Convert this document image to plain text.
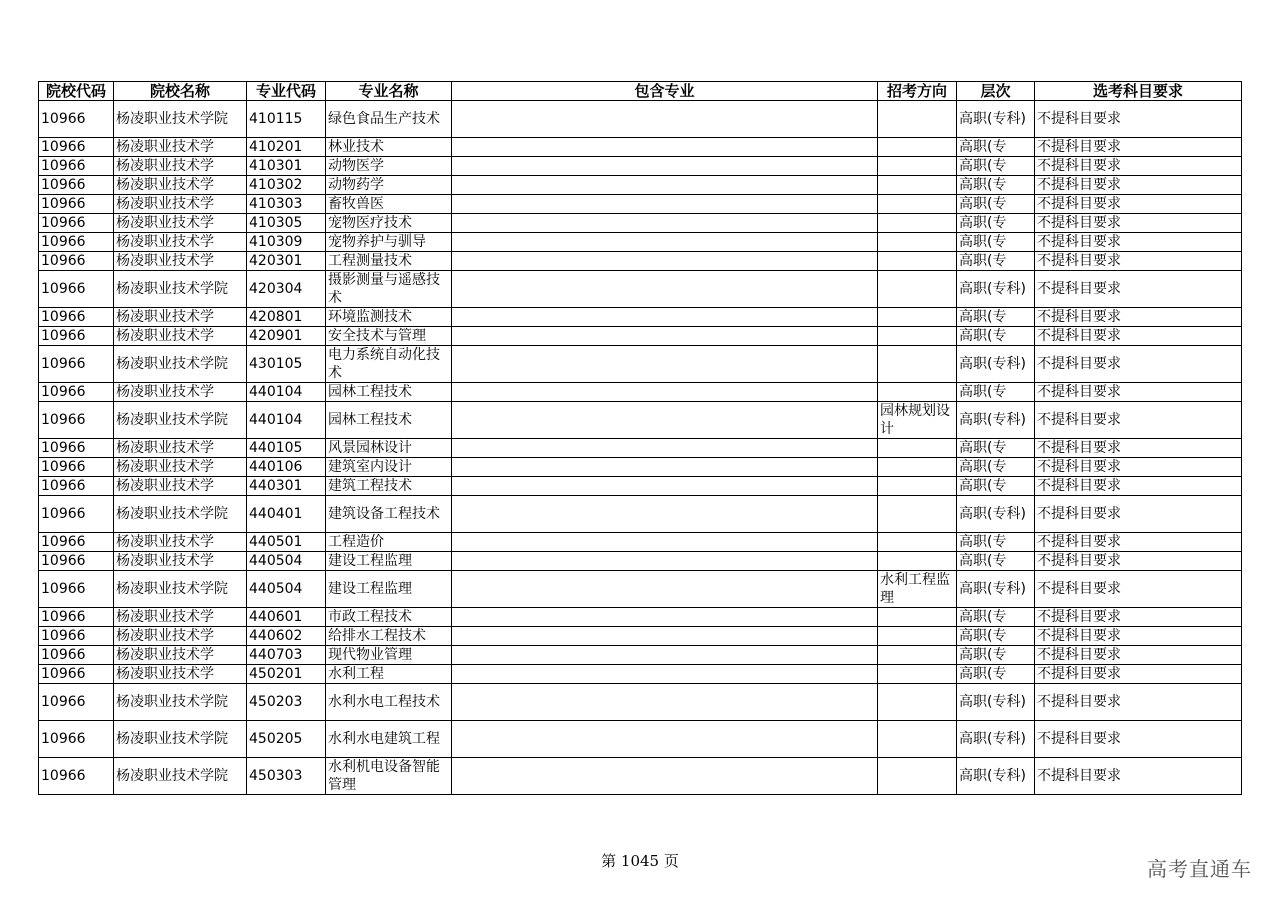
院校代码	院校名称	专业代码	专业名称	包含专业	招考方向	层次	选考科目要求
10966	杨凌职业技术学院	410115	绿色食品生产技术			高职(专科)	不提科目要求
10966	杨凌职业技术学	410201	林业技术			高职(专	不提科目要求
10966	杨凌职业技术学	410301	动物医学			高职(专	不提科目要求
10966	杨凌职业技术学	410302	动物药学			高职(专	不提科目要求
10966	杨凌职业技术学	410303	畜牧兽医			高职(专	不提科目要求
10966	杨凌职业技术学	410305	宠物医疗技术			高职(专	不提科目要求
10966	杨凌职业技术学	410309	宠物养护与驯导			高职(专	不提科目要求
10966	杨凌职业技术学	420301	工程测量技术			高职(专	不提科目要求
10966	杨凌职业技术学院	420304	摄影测量与遥感技术			高职(专科)	不提科目要求
10966	杨凌职业技术学	420801	环境监测技术			高职(专	不提科目要求
10966	杨凌职业技术学	420901	安全技术与管理			高职(专	不提科目要求
10966	杨凌职业技术学院	430105	电力系统自动化技术			高职(专科)	不提科目要求
10966	杨凌职业技术学	440104	园林工程技术			高职(专	不提科目要求
10966	杨凌职业技术学院	440104	园林工程技术		园林规划设计	高职(专科)	不提科目要求
10966	杨凌职业技术学	440105	风景园林设计			高职(专	不提科目要求
10966	杨凌职业技术学	440106	建筑室内设计			高职(专	不提科目要求
10966	杨凌职业技术学	440301	建筑工程技术			高职(专	不提科目要求
10966	杨凌职业技术学院	440401	建筑设备工程技术			高职(专科)	不提科目要求
10966	杨凌职业技术学	440501	工程造价			高职(专	不提科目要求
10966	杨凌职业技术学	440504	建设工程监理			高职(专	不提科目要求
10966	杨凌职业技术学院	440504	建设工程监理		水利工程监理	高职(专科)	不提科目要求
10966	杨凌职业技术学	440601	市政工程技术			高职(专	不提科目要求
10966	杨凌职业技术学	440602	给排水工程技术			高职(专	不提科目要求
10966	杨凌职业技术学	440703	现代物业管理			高职(专	不提科目要求
10966	杨凌职业技术学	450201	水利工程			高职(专	不提科目要求
10966	杨凌职业技术学院	450203	水利水电工程技术			高职(专科)	不提科目要求
10966	杨凌职业技术学院	450205	水利水电建筑工程			高职(专科)	不提科目要求
10966	杨凌职业技术学院	450303	水利机电设备智能管理			高职(专科)	不提科目要求
第 1045 页	高考直通车
